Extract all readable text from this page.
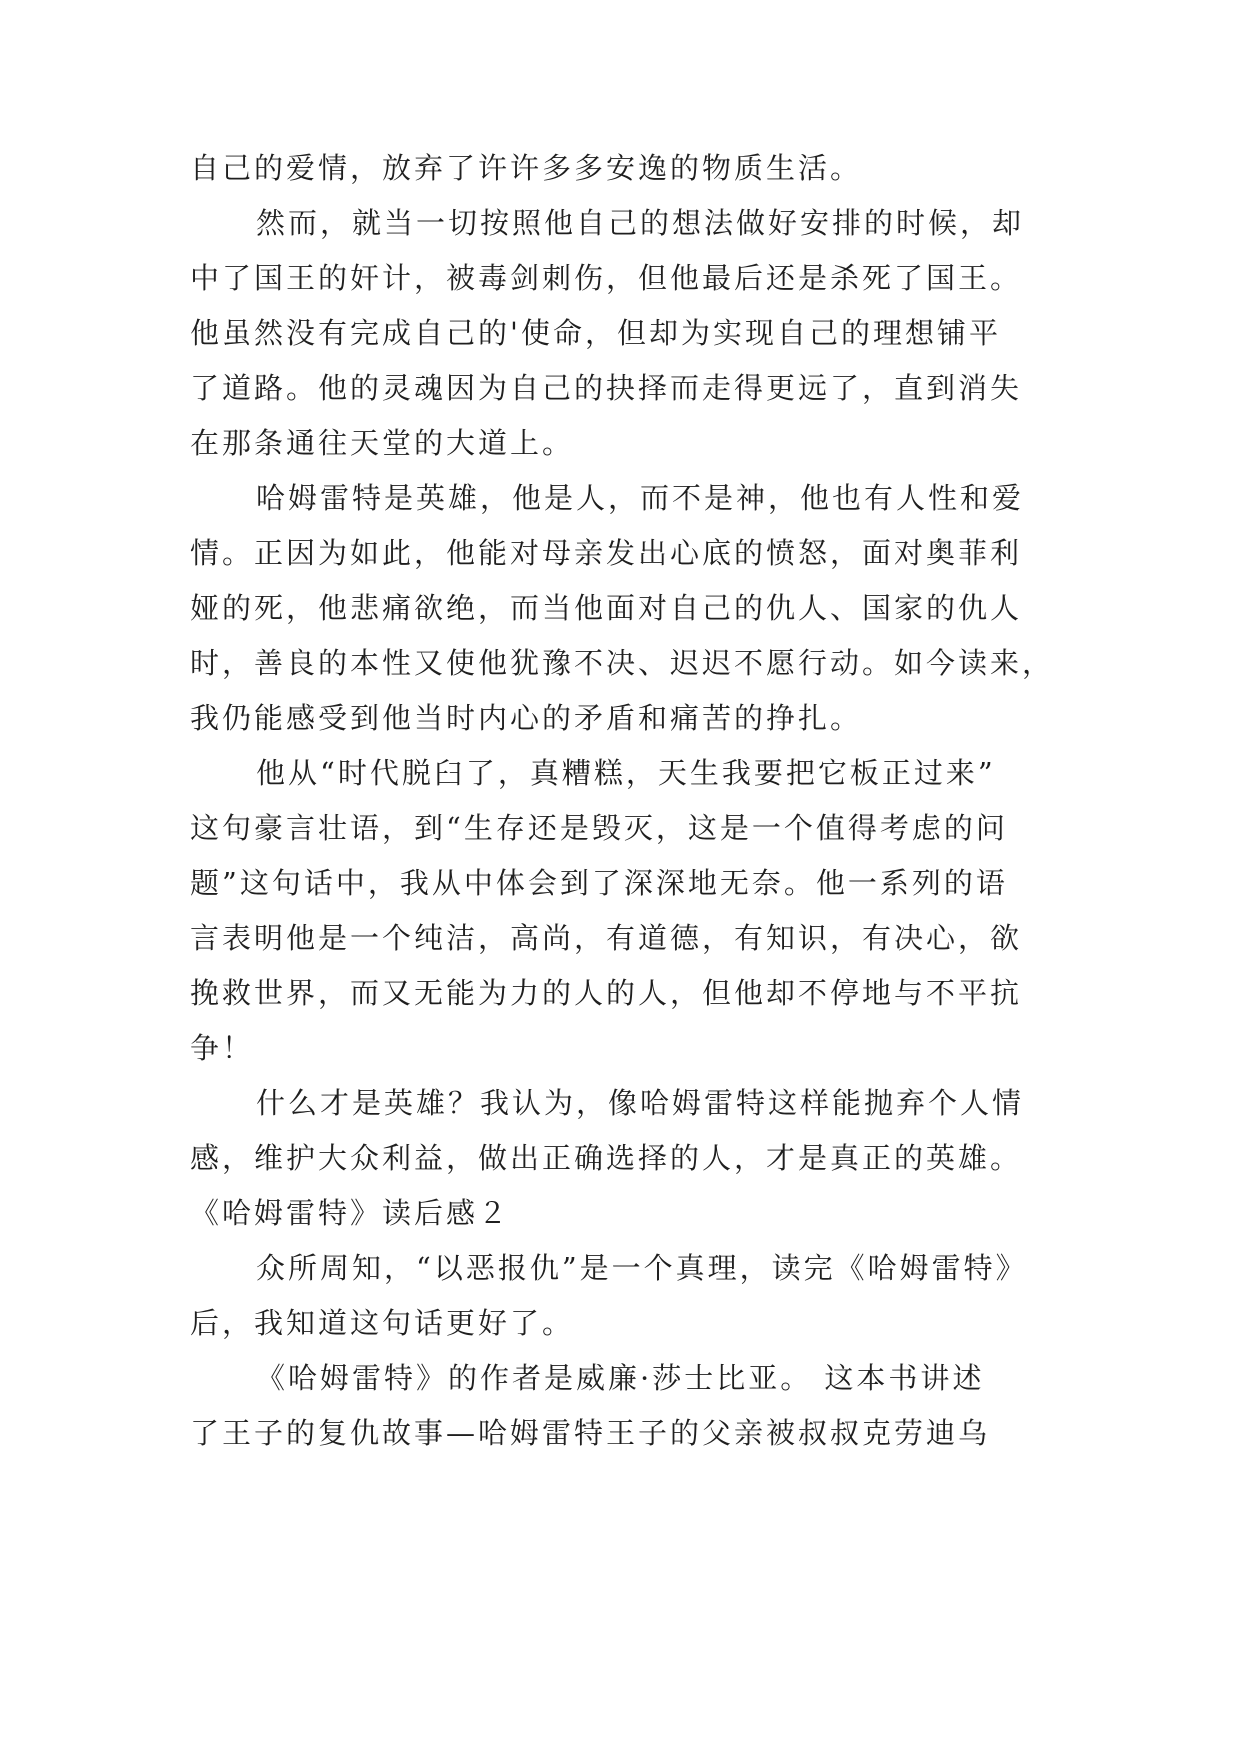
自己的爱情，放弃了许许多多安逸的物质生活。
然而，就当一切按照他自己的想法做好安排的时候，却
中了国王的奸计，被毒剑刺伤，但他最后还是杀死了国王。
他虽然没有完成自己的'使命，但却为实现自己的理想铺平
了道路。他的灵魂因为自己的抉择而走得更远了，直到消失
在那条通往天堂的大道上。
哈姆雷特是英雄，他是人，而不是神，他也有人性和爱
情。正因为如此，他能对母亲发出心底的愤怒，面对奥菲利
娅的死，他悲痛欲绝，而当他面对自己的仇人、国家的仇人
时，善良的本性又使他犹豫不决、迟迟不愿行动。如今读来，
我仍能感受到他当时内心的矛盾和痛苦的挣扎。
他从“时代脱臼了，真糟糕，天生我要把它板正过来”
这句豪言壮语，到“生存还是毁灭，这是一个值得考虑的问
题”这句话中，我从中体会到了深深地无奈。他一系列的语
言表明他是一个纯洁，高尚，有道德，有知识，有决心，欲
挽救世界，而又无能为力的人的人，但他却不停地与不平抗
争！
什么才是英雄？我认为，像哈姆雷特这样能抛弃个人情
感，维护大众利益，做出正确选择的人，才是真正的英雄。
《哈姆雷特》读后感２
众所周知，“以恶报仇”是一个真理，读完《哈姆雷特》
后，我知道这句话更好了。
《哈姆雷特》的作者是威廉·莎士比亚。 这本书讲述
了王子的复仇故事—哈姆雷特王子的父亲被叔叔克劳迪乌
